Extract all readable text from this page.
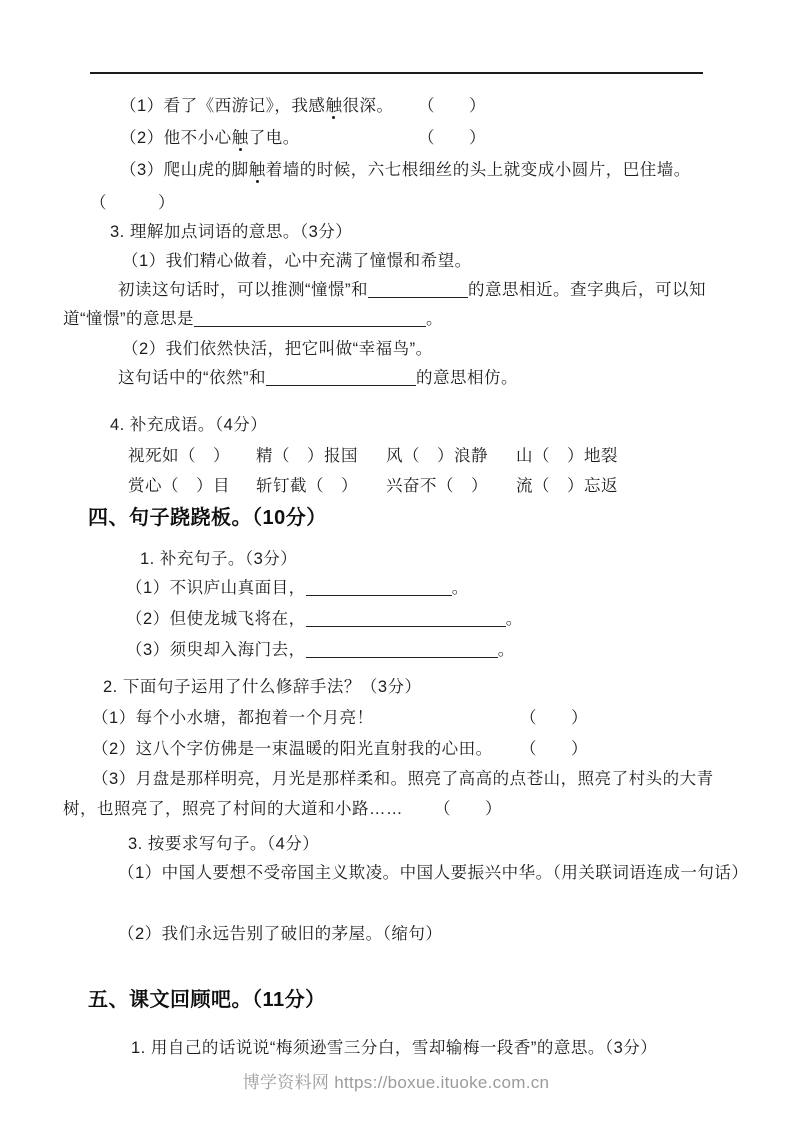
（1）看了《西游记》，我感触很深。 （　　）
（2）他不小心触了电。	（　　）
（3）爬山虎的脚触着墙的时候，六七根细丝的头上就变成小圆片，巴住墙。
（　　　）
3. 理解加点词语的意思。（3分）
（1）我们精心做着，心中充满了憧憬和希望。
初读这句话时，可以推测“憧憬”和	的意思相近。查字典后，可以知
道“憧憬”的意思是	。
（2）我们依然快活，把它叫做“幸福鸟”。
这句话中的“依然”和	的意思相仿。
4. 补充成语。（4分）
视死如（　） 精（　）报国 风（　）浪静 山（　）地裂
赏心（　）目 斩钉截（　） 兴奋不（　） 流（　）忘返
四、句子跷跷板。（10分）
1. 补充句子。（3分）
（1）不识庐山真面目，	。
（2）但使龙城飞将在，	。
（3）须臾却入海门去，	。
2. 下面句子运用了什么修辞手法？（3分）
（1）每个小水塘，都抱着一个月亮！	（　　）
（2）这八个字仿佛是一束温暖的阳光直射我的心田。 （　　）
（3）月盘是那样明亮，月光是那样柔和。照亮了高高的点苍山，照亮了村头的大青
树，也照亮了，照亮了村间的大道和小路…… （　　）
3. 按要求写句子。（4分）
（1）中国人要想不受帝国主义欺凌。中国人要振兴中华。（用关联词语连成一句话）
（2）我们永远告别了破旧的茅屋。（缩句）
五、课文回顾吧。（11分）
1. 用自己的话说说“梅须逊雪三分白，雪却输梅一段香”的意思。（3分）
博学资料网 https://boxue.ituoke.com.cn
